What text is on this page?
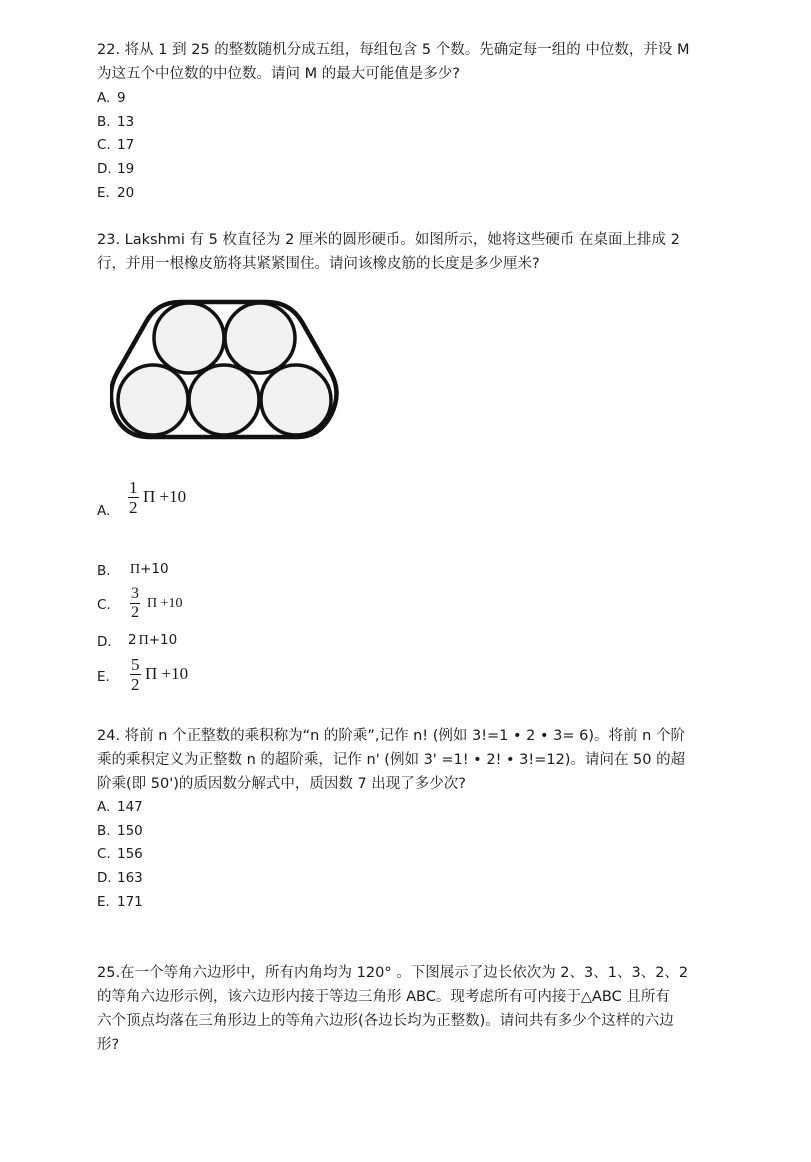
22. 将从 1 到 25 的整数随机分成五组，每组包含 5 个数。先确定每一组的 中位数，并设 M

为这五个中位数的中位数。请问 M 的最大可能值是多少?

A. 9
B. 13
C. 17
D. 19
E. 20

23. Lakshmi 有 5 枚直径为 2 厘米的圆形硬币。如图所示，她将这些硬币 在桌面上排成 2

行，并用一根橡皮筋将其紧紧围住。请问该橡皮筋的长度是多少厘米?

A. $\frac{1}{2}$ Π +10
B. Π+10
C. $\frac{3}{2}$ Π +10
D. 2 Π+10
E. $\frac{5}{2}$ Π +10

24. 将前 n 个正整数的乘积称为“n 的阶乘”,记作 n! (例如 3!=1 • 2 • 3= 6)。将前 n 个阶

乘的乘积定义为正整数 n 的超阶乘，记作 n' (例如 3' =1! • 2! • 3!=12)。请问在 50 的超

阶乘(即 50')的质因数分解式中，质因数 7 出现了多少次?

A. 147
B. 150
C. 156
D. 163
E. 171

25.在一个等角六边形中，所有内角均为 120° 。下图展示了边长依次为 2、3、1、3、2、2

的等角六边形示例，该六边形内接于等边三角形 ABC。现考虑所有可内接于△ABC 且所有

六个顶点均落在三角形边上的等角六边形(各边长均为正整数)。请问共有多少个这样的六边

形?
